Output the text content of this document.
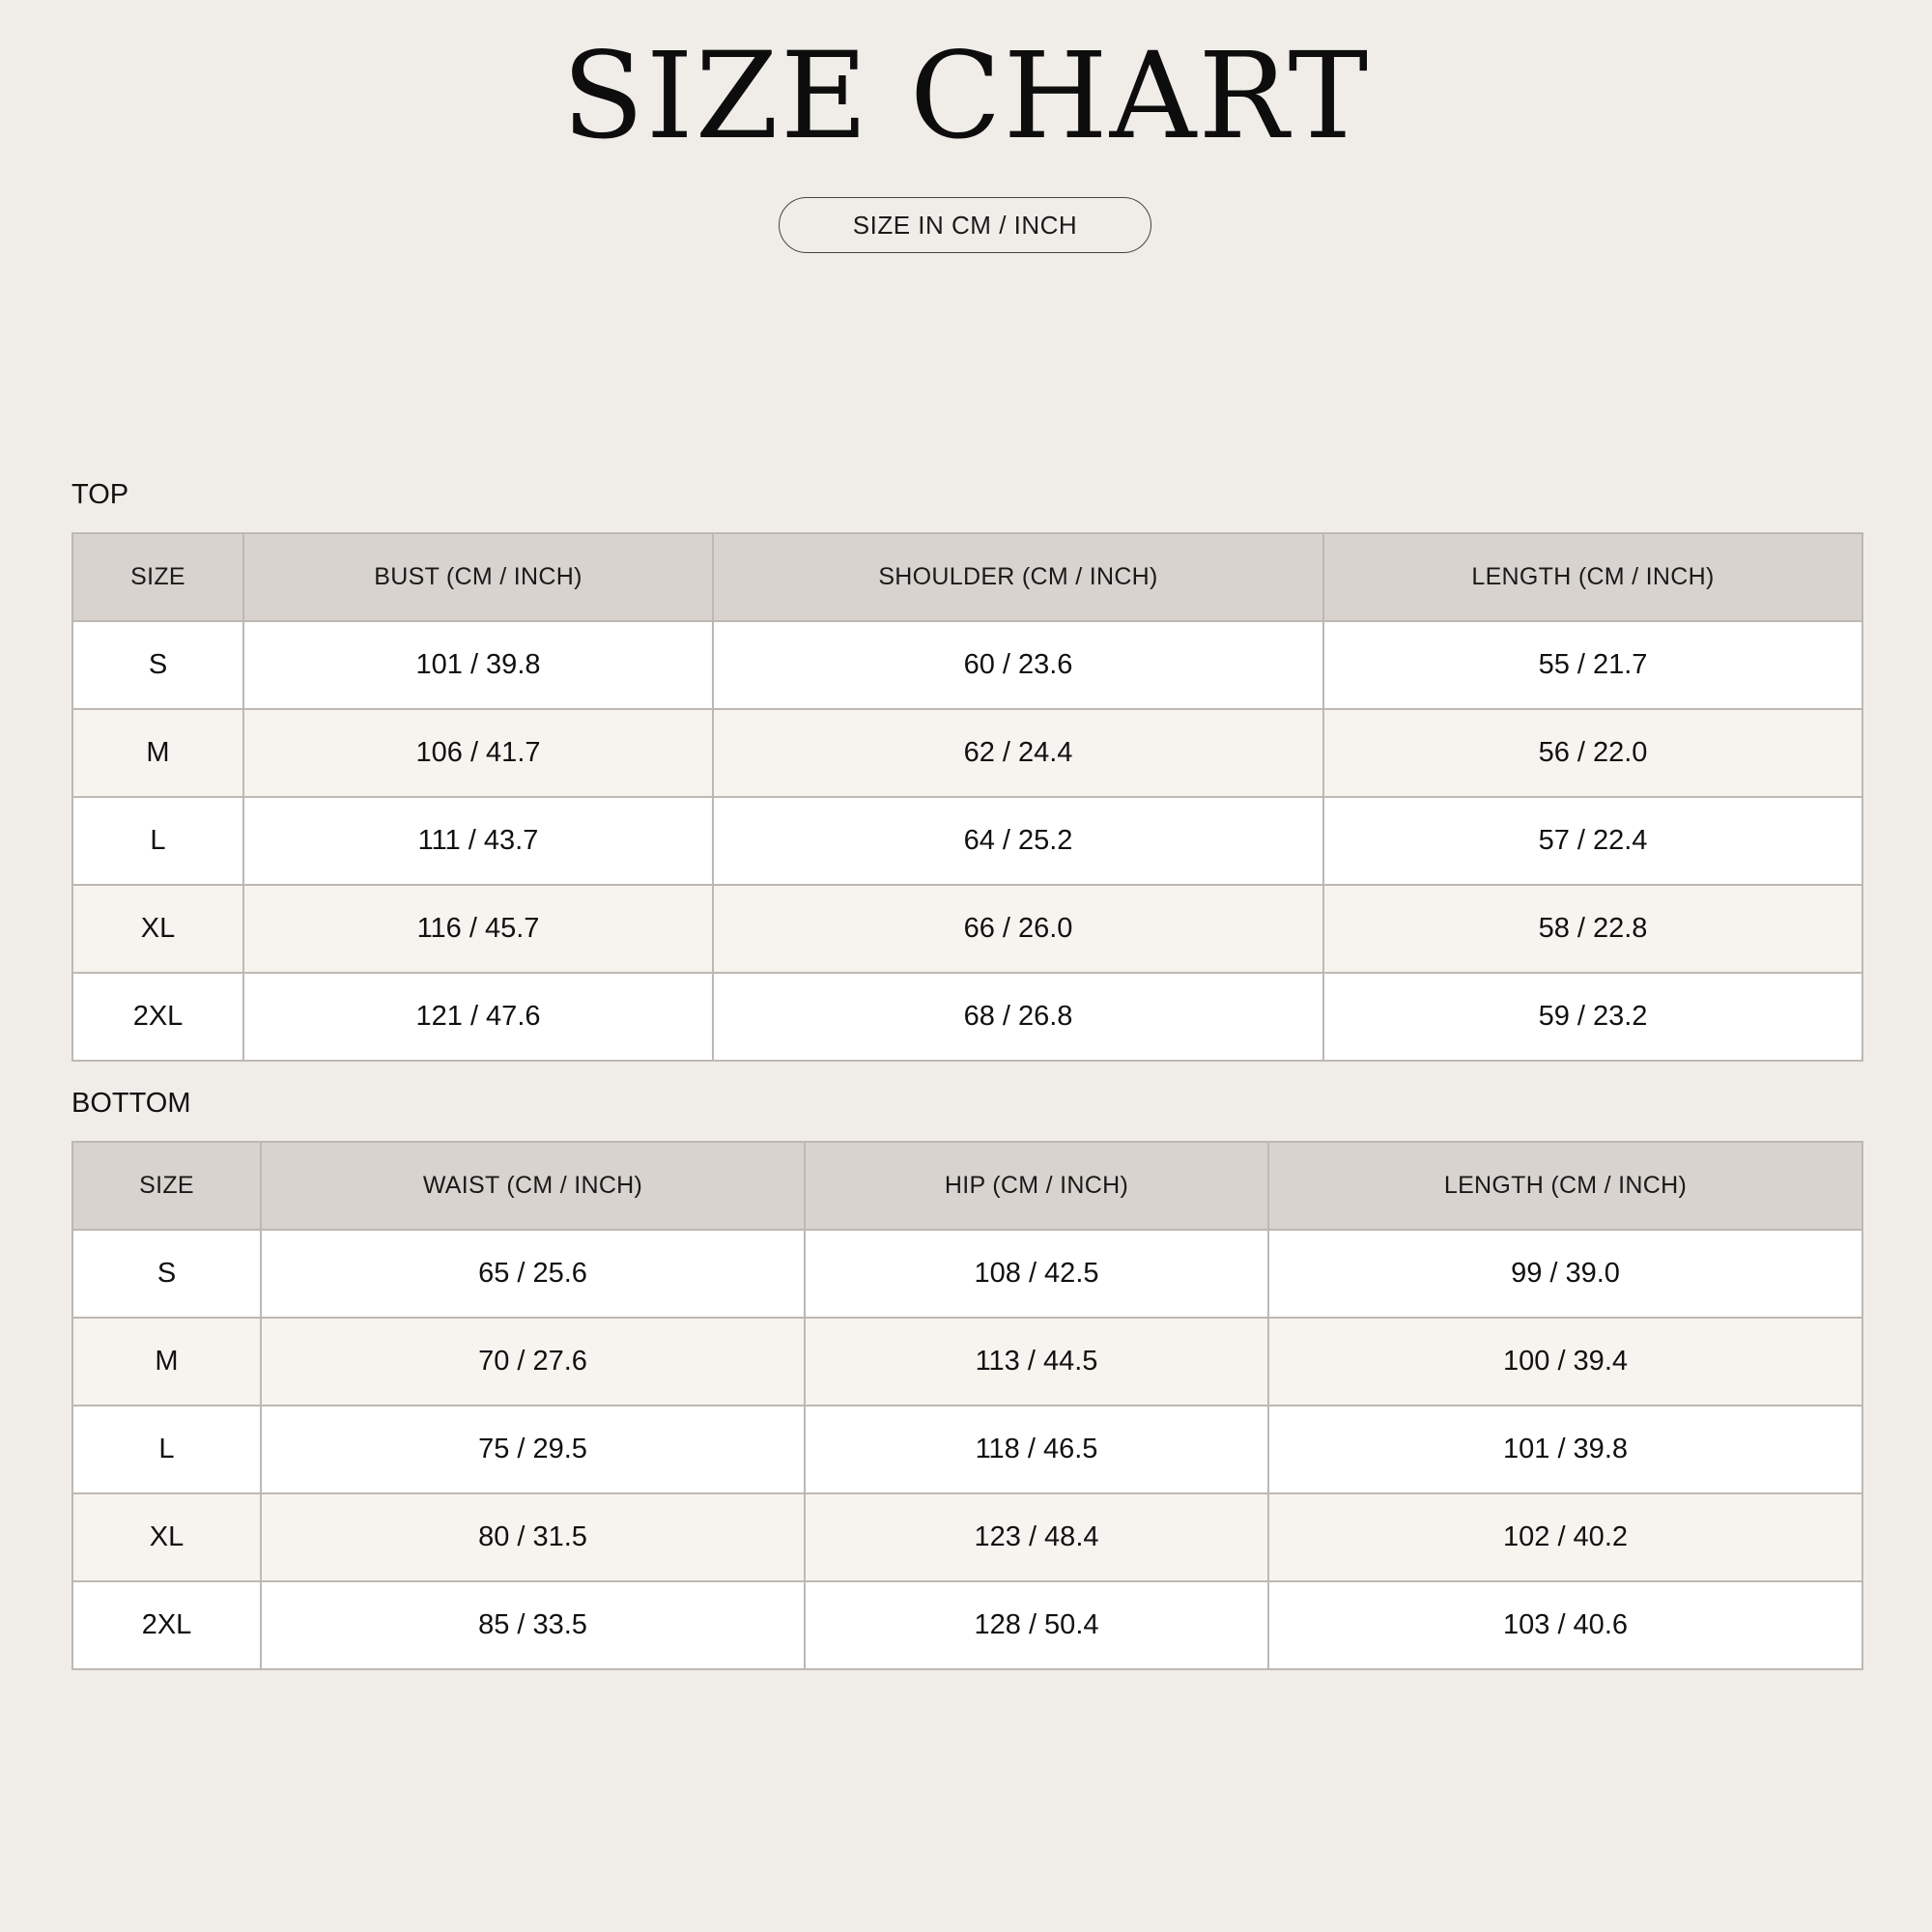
SIZE CHART
SIZE IN CM / INCH
TOP
SIZE	BUST (CM / INCH)	SHOULDER (CM / INCH)	LENGTH (CM / INCH)
S	101 / 39.8	60 / 23.6	55 / 21.7
M	106 / 41.7	62 / 24.4	56 / 22.0
L	111 / 43.7	64 / 25.2	57 / 22.4
XL	116 / 45.7	66 / 26.0	58 / 22.8
2XL	121 / 47.6	68 / 26.8	59 / 23.2
BOTTOM
SIZE	WAIST (CM / INCH)	HIP (CM / INCH)	LENGTH (CM / INCH)
S	65 / 25.6	108 / 42.5	99 / 39.0
M	70 / 27.6	113 / 44.5	100 / 39.4
L	75 / 29.5	118 / 46.5	101 / 39.8
XL	80 / 31.5	123 / 48.4	102 / 40.2
2XL	85 / 33.5	128 / 50.4	103 / 40.6
